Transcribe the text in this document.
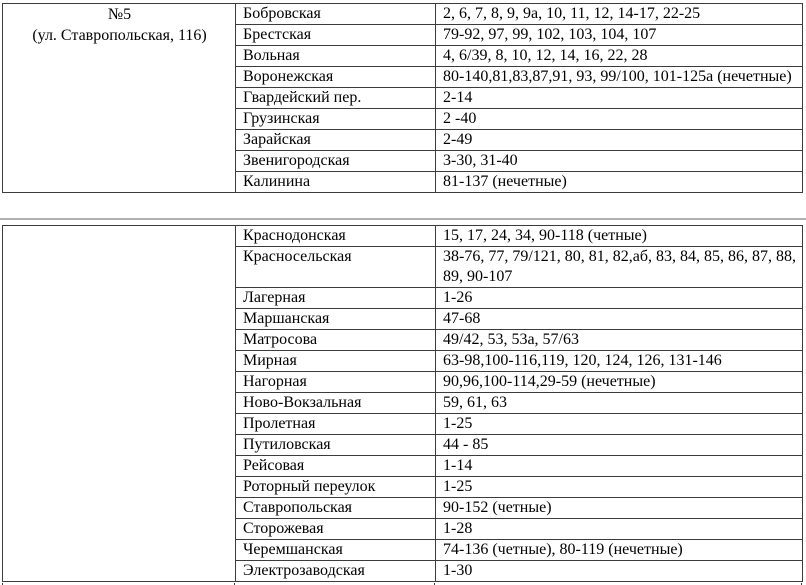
№5
(ул. Ставропольская, 116)	Бобровская	2, 6, 7, 8, 9, 9а, 10, 11, 12, 14-17, 22-25
	Брестская	79-92, 97, 99, 102, 103, 104, 107
	Вольная	4, 6/39, 8, 10, 12, 14, 16, 22, 28
	Воронежская	80-140,81,83,87,91, 93, 99/100, 101-125а (нечетные)
	Гвардейский пер.	2-14
	Грузинская	2 -40
	Зарайская	2-49
	Звенигородская	3-30, 31-40
	Калинина	81-137 (нечетные)
	Краснодонская	15, 17, 24, 34, 90-118 (четные)
	Красносельская	38-76, 77, 79/121, 80, 81, 82,аб, 83, 84, 85, 86, 87, 88, 89, 90-107
	Лагерная	1-26
	Маршанская	47-68
	Матросова	49/42, 53, 53а, 57/63
	Мирная	63-98,100-116,119, 120, 124, 126, 131-146
	Нагорная	90,96,100-114,29-59 (нечетные)
	Ново-Вокзальная	59, 61, 63
	Пролетная	1-25
	Путиловская	44 - 85
	Рейсовая	1-14
	Роторный переулок	1-25
	Ставропольская	90-152 (четные)
	Сторожевая	1-28
	Черемшанская	74-136 (четные), 80-119 (нечетные)
	Электрозаводская	1-30
